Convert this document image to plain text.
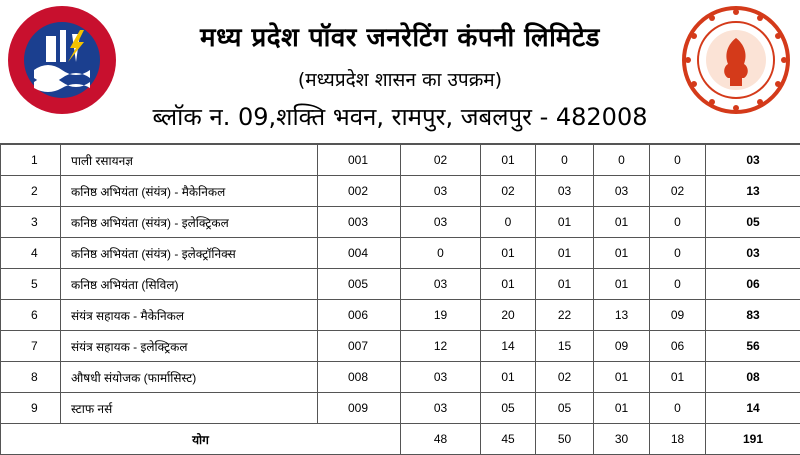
मध्य प्रदेश पॉवर जनरेटिंग कंपनी लिमिटेड
(मध्यप्रदेश शासन का उपक्रम)
ब्लॉक न. 09,शक्ति भवन, रामपुर, जबलपुर - 482008
1	पाली रसायनज्ञ	001	02	01	0	0	0	03
2	कनिष्ठ अभियंता (संयंत्र) - मैकेनिकल	002	03	02	03	03	02	13
3	कनिष्ठ अभियंता (संयंत्र) - इलेक्ट्रिकल	003	03	0	01	01	0	05
4	कनिष्ठ अभियंता (संयंत्र) - इलेक्ट्रॉनिक्स	004	0	01	01	01	0	03
5	कनिष्ठ अभियंता (सिविल)	005	03	01	01	01	0	06
6	संयंत्र सहायक - मैकेनिकल	006	19	20	22	13	09	83
7	संयंत्र सहायक - इलेक्ट्रिकल	007	12	14	15	09	06	56
8	औषधी संयोजक (फार्मासिस्ट)	008	03	01	02	01	01	08
9	स्टाफ नर्स	009	03	05	05	01	0	14
योग			48	45	50	30	18	191
